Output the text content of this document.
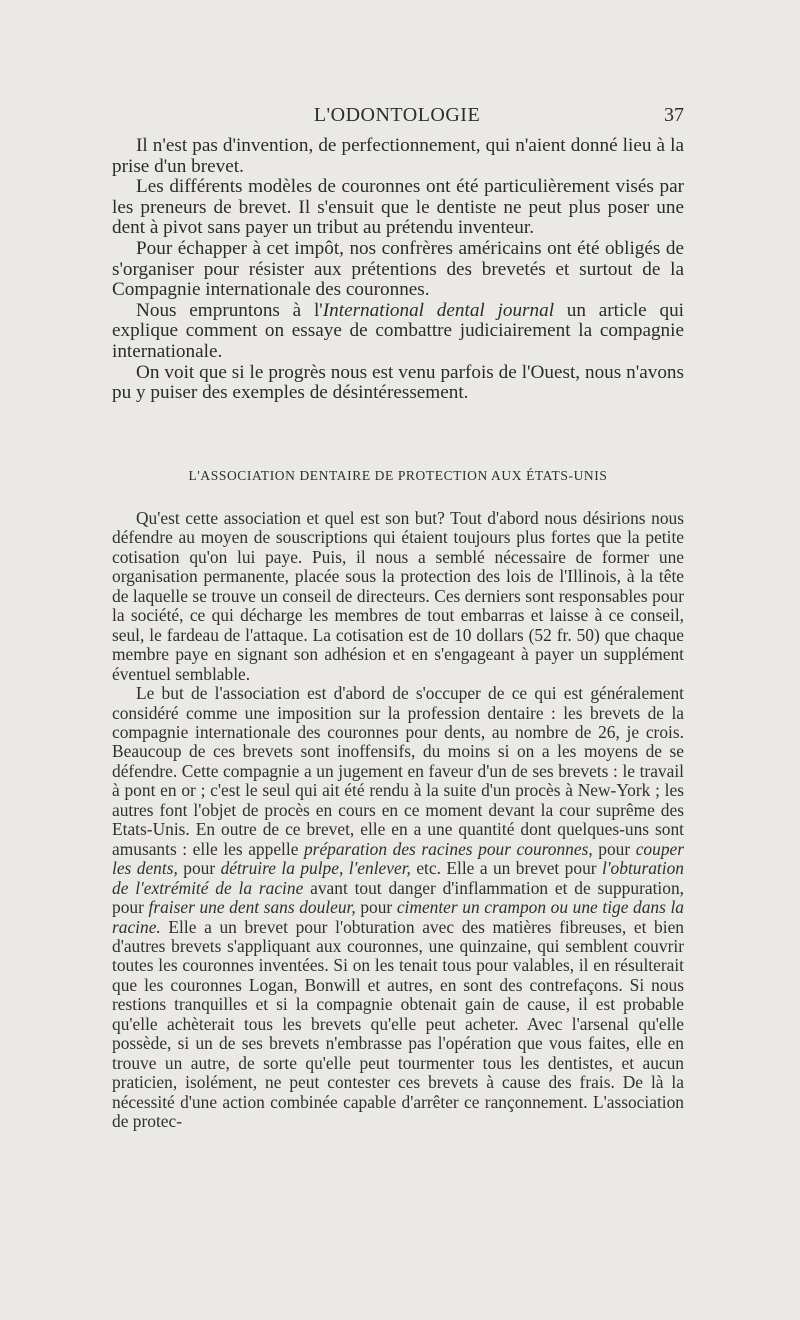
L'ODONTOLOGIE	37

Il n'est pas d'invention, de perfectionnement, qui n'aient donné lieu à la prise d'un brevet.

Les différents modèles de couronnes ont été particulièrement visés par les preneurs de brevet. Il s'ensuit que le dentiste ne peut plus poser une dent à pivot sans payer un tribut au prétendu inventeur.

Pour échapper à cet impôt, nos confrères américains ont été obligés de s'organiser pour résister aux prétentions des brevetés et surtout de la Compagnie internationale des couronnes.

Nous empruntons à l'International dental journal un article qui explique comment on essaye de combattre judiciairement la compagnie internationale.

On voit que si le progrès nous est venu parfois de l'Ouest, nous n'avons pu y puiser des exemples de désintéressement.

L'ASSOCIATION DENTAIRE DE PROTECTION AUX ÉTATS-UNIS

Qu'est cette association et quel est son but? Tout d'abord nous désirions nous défendre au moyen de souscriptions qui étaient toujours plus fortes que la petite cotisation qu'on lui paye. Puis, il nous a semblé nécessaire de former une organisation permanente, placée sous la protection des lois de l'Illinois, à la tête de laquelle se trouve un conseil de directeurs. Ces derniers sont responsables pour la société, ce qui décharge les membres de tout embarras et laisse à ce conseil, seul, le fardeau de l'attaque. La cotisation est de 10 dollars (52 fr. 50) que chaque membre paye en signant son adhésion et en s'engageant à payer un supplément éventuel semblable.

Le but de l'association est d'abord de s'occuper de ce qui est généralement considéré comme une imposition sur la profession dentaire : les brevets de la compagnie internationale des couronnes pour dents, au nombre de 26, je crois. Beaucoup de ces brevets sont inoffensifs, du moins si on a les moyens de se défendre. Cette compagnie a un jugement en faveur d'un de ses brevets : le travail à pont en or ; c'est le seul qui ait été rendu à la suite d'un procès à New-York ; les autres font l'objet de procès en cours en ce moment devant la cour suprême des Etats-Unis. En outre de ce brevet, elle en a une quantité dont quelques-uns sont amusants : elle les appelle préparation des racines pour couronnes, pour couper les dents, pour détruire la pulpe, l'enlever, etc. Elle a un brevet pour l'obturation de l'extrémité de la racine avant tout danger d'inflammation et de suppuration, pour fraiser une dent sans douleur, pour cimenter un crampon ou une tige dans la racine. Elle a un brevet pour l'obturation avec des matières fibreuses, et bien d'autres brevets s'appliquant aux couronnes, une quinzaine, qui semblent couvrir toutes les couronnes inventées. Si on les tenait tous pour valables, il en résulterait que les couronnes Logan, Bonwill et autres, en sont des contrefaçons. Si nous restions tranquilles et si la compagnie obtenait gain de cause, il est probable qu'elle achèterait tous les brevets qu'elle peut acheter. Avec l'arsenal qu'elle possède, si un de ses brevets n'embrasse pas l'opération que vous faites, elle en trouve un autre, de sorte qu'elle peut tourmenter tous les dentistes, et aucun praticien, isolément, ne peut contester ces brevets à cause des frais. De là la nécessité d'une action combinée capable d'arrêter ce rançonnement. L'association de protec-
